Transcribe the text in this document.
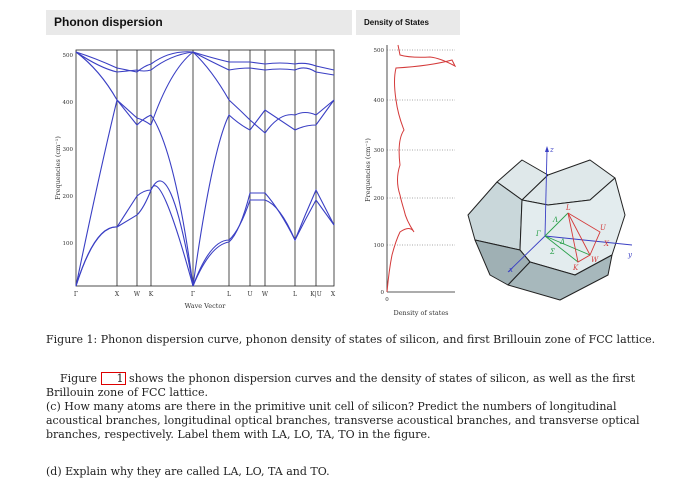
Phonon dispersion	Density of States
100
200
300
400
500
Γ	X W K	Γ	L	U W	L K|U X
Wave Vector
Frequencies (cm⁻¹)
0
100
200
300
400
500
0
Density of states
Frequencies (cm⁻¹)	z
x
y
L
K
W
U
X
Λ
Δ
Σ
Γ
Figure 1: Phonon dispersion curve, phonon density of states of silicon, and first Brillouin zone of FCC lattice.
Figure 1 shows the phonon dispersion curves and the density of states of silicon, as well as the first Brillouin zone of FCC lattice.
(c) How many atoms are there in the primitive unit cell of silicon? Predict the numbers of longitudinal acoustical branches, longitudinal optical branches, transverse acoustical branches, and transverse optical branches, respectively. Label them with LA, LO, TA, TO in the figure.
(d) Explain why they are called LA, LO, TA and TO.
